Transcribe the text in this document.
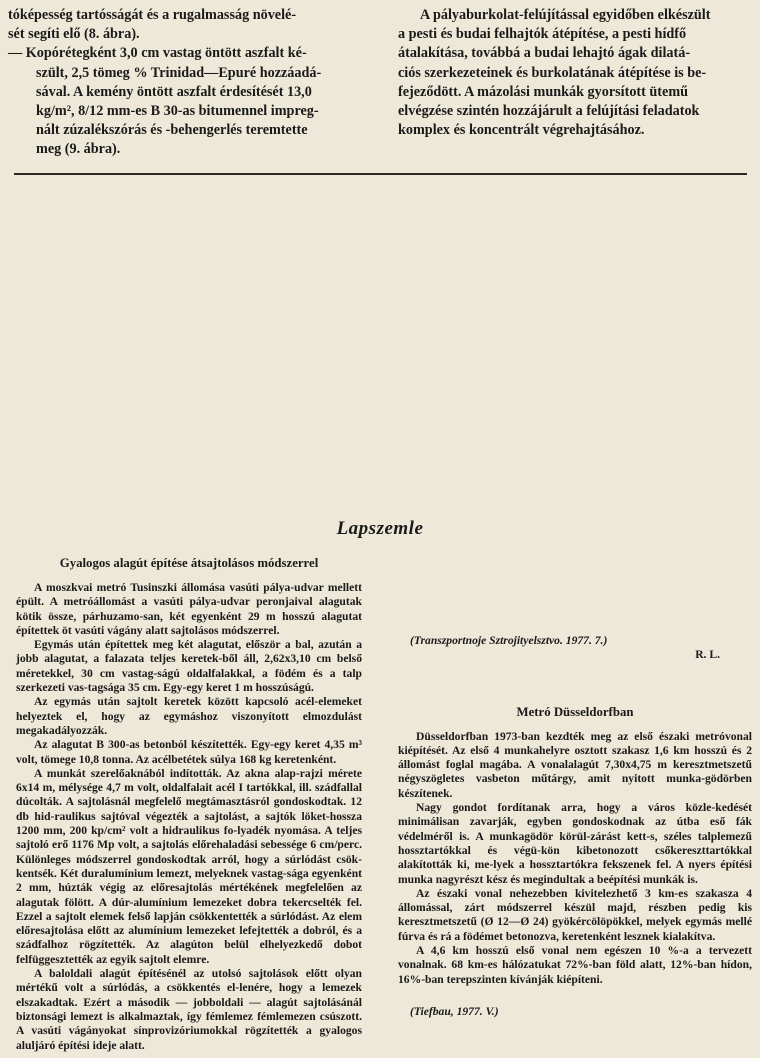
tóképesség tartósságát és a rugalmasság növelé-

sét segíti elő (8. ábra).

— Kopórétegként 3,0 cm vastag öntött aszfalt ké-

szült, 2,5 tömeg % Trinidad—Epuré hozzáadá-

sával. A kemény öntött aszfalt érdesítését 13,0

kg/m², 8/12 mm-es B 30-as bitumennel impreg-

nált zúzalékszórás és -behengerlés teremtette

meg (9. ábra).

A pályaburkolat-felújítással egyidőben elkészült

a pesti és budai felhajtók átépítése, a pesti hídfő

átalakítása, továbbá a budai lehajtó ágak dilatá-

ciós szerkezeteinek és burkolatának átépítése is be-

fejeződött. A mázolási munkák gyorsított ütemű

elvégzése szintén hozzájárult a felújítási feladatok

komplex és koncentrált végrehajtásához.

Lapszemle
Gyalogos alagút építése átsajtolásos módszerrel

A moszkvai metró Tusinszki állomása vasúti pálya-udvar mellett épült. A metróállomást a vasúti pálya-udvar peronjaival alagutak kötik össze, párhuzamo-san, két egyenként 29 m hosszú alagutat építettek öt vasúti vágány alatt sajtolásos módszerrel.

Egymás után építettek meg két alagutat, először a bal, azután a jobb alagutat, a falazata teljes keretek-ből áll, 2,62x3,10 cm belső méretekkel, 30 cm vastag-ságú oldalfalakkal, a födém és a talp szerkezeti vas-tagsága 35 cm. Egy-egy keret 1 m hosszúságú.

Az egymás után sajtolt keretek között kapcsoló acél-elemeket helyeztek el, hogy az egymáshoz viszonyított elmozdulást megakadályozzák.

Az alagutat B 300-as betonból készítették. Egy-egy keret 4,35 m³ volt, tömege 10,8 tonna. Az acélbetétek súlya 168 kg keretenként.

A munkát szerelőaknából indították. Az akna alap-rajzi mérete 6x14 m, mélysége 4,7 m volt, oldalfalait acél I tartókkal, ill. szádfallal dúcolták. A sajtolásnál megfelelő megtámasztásról gondoskodtak. 12 db hid-raulikus sajtóval végezték a sajtolást, a sajtók löket-hossza 1200 mm, 200 kp/cm² volt a hidraulikus fo-lyadék nyomása. A teljes sajtoló erő 1176 Mp volt, a sajtolás előrehaladási sebessége 6 cm/perc. Különleges módszerrel gondoskodtak arról, hogy a súrlódást csök-kentsék. Két duralumínium lemezt, melyeknek vastag-sága egyenként 2 mm, húzták végig az előresajtolás mértékének megfelelően az alagutak fölött. A dúr-alumínium lemezeket dobra tekercselték fel. Ezzel a sajtolt elemek felső lapján csökkentették a súrlódást. Az elem előresajtolása előtt az alumínium lemezeket lefejtették a dobról, és a szádfalhoz rögzítették. Az alagúton belül elhelyezkedő dobot felfüggesztették az egyik sajtolt elemre.

A baloldali alagút építésénél az utolsó sajtolások előtt olyan mértékű volt a súrlódás, a csökkentés el-lenére, hogy a lemezek elszakadtak. Ezért a második — jobboldali — alagút sajtolásánál biztonsági lemezt is alkalmaztak, így fémlemez fémlemezen csúszott. A vasúti vágányokat sínprovizóriumokkal rögzítették a gyalogos aluljáró építési ideje alatt.

(Transzportnoje Sztrojityelsztvo. 1977. 7.)

R. L.

Metró Düsseldorfban

Düsseldorfban 1973-ban kezdték meg az első északi metróvonal kiépítését. Az első 4 munkahelyre osztott szakasz 1,6 km hosszú és 2 állomást foglal magába. A vonalalagút 7,30x4,75 m keresztmetszetű négyszögletes vasbeton műtárgy, amit nyitott munka-gödörben készítenek.

Nagy gondot fordítanak arra, hogy a város közle-kedését minimálisan zavarják, egyben gondoskodnak az útba eső fák védelméről is. A munkagödör körül-zárást kett-s, széles talplemezű hossztartókkal és végü-kön kibetonozott csőkereszttartókkal alakították ki, me-lyek a hossztartókra fekszenek fel. A nyers építési munka nagyrészt kész és megindultak a beépítési munkák is.

Az északi vonal nehezebben kivitelezhető 3 km-es szakasza 4 állomással, zárt módszerrel készül majd, részben pedig kis keresztmetszetű (Ø 12—Ø 24) gyökércölöpökkel, melyek egymás mellé fúrva és rá a födémet betonozva, keretenként lesznek kialakítva.

A 4,6 km hosszú első vonal nem egészen 10 %-a a tervezett vonalnak. 68 km-es hálózatukat 72%-ban föld alatt, 12%-ban hídon, 16%-ban terepszinten kívánják kiépíteni.

(Tiefbau, 1977. V.)
